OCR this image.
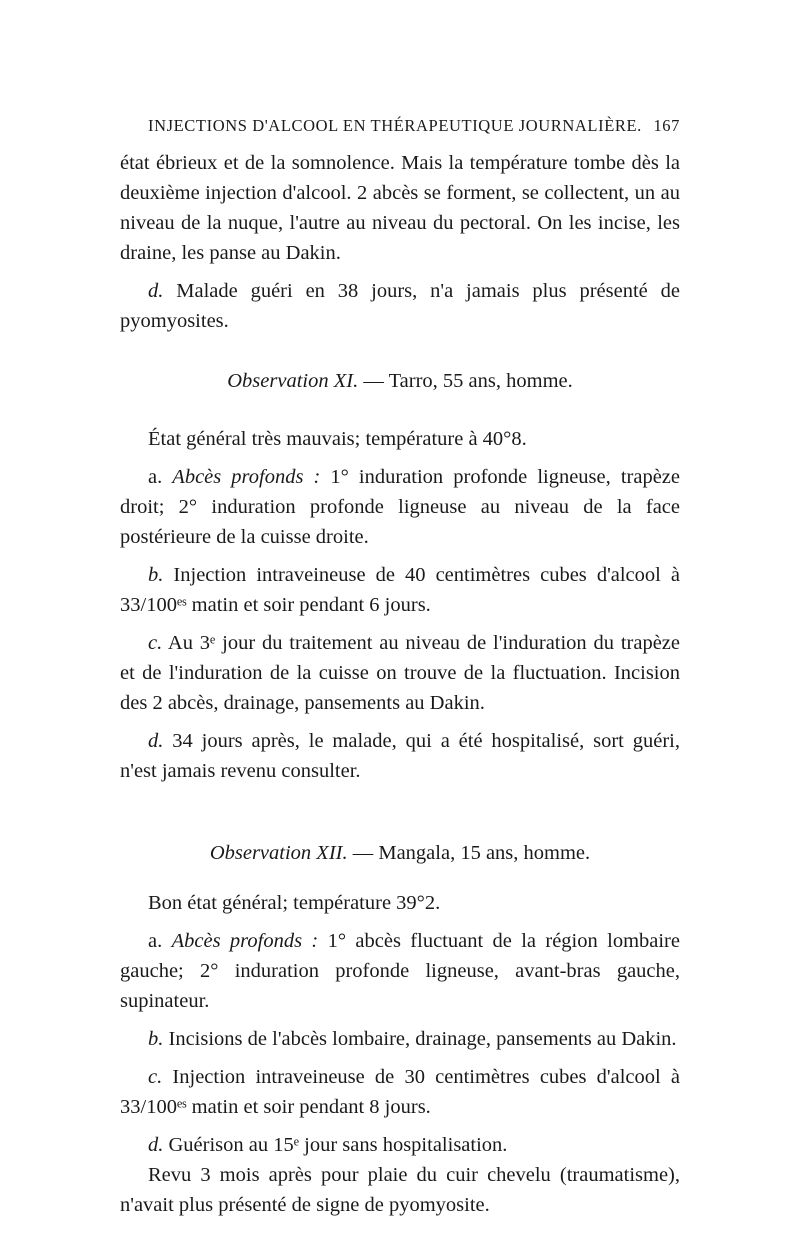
INJECTIONS D'ALCOOL EN THÉRAPEUTIQUE JOURNALIÈRE. 167

état ébrieux et de la somnolence. Mais la température tombe dès la deuxième injection d'alcool. 2 abcès se forment, se collectent, un au niveau de la nuque, l'autre au niveau du pectoral. On les incise, les draine, les panse au Dakin.

d. Malade guéri en 38 jours, n'a jamais plus présenté de pyomyosites.

Observation XI. — Tarro, 55 ans, homme.

État général très mauvais; température à 40°8.

a. Abcès profonds : 1° induration profonde ligneuse, trapèze droit; 2° induration profonde ligneuse au niveau de la face postérieure de la cuisse droite.

b. Injection intraveineuse de 40 centimètres cubes d'alcool à 33/100ᵉˢ matin et soir pendant 6 jours.

c. Au 3ᵉ jour du traitement au niveau de l'induration du trapèze et de l'induration de la cuisse on trouve de la fluctuation. Incision des 2 abcès, drainage, pansements au Dakin.

d. 34 jours après, le malade, qui a été hospitalisé, sort guéri, n'est jamais revenu consulter.

Observation XII. — Mangala, 15 ans, homme.

Bon état général; température 39°2.

a. Abcès profonds : 1° abcès fluctuant de la région lombaire gauche; 2° induration profonde ligneuse, avant-bras gauche, supinateur.

b. Incisions de l'abcès lombaire, drainage, pansements au Dakin.

c. Injection intraveineuse de 30 centimètres cubes d'alcool à 33/100ᵉˢ matin et soir pendant 8 jours.

d. Guérison au 15ᵉ jour sans hospitalisation.

Revu 3 mois après pour plaie du cuir chevelu (traumatisme), n'avait plus présenté de signe de pyomyosite.
